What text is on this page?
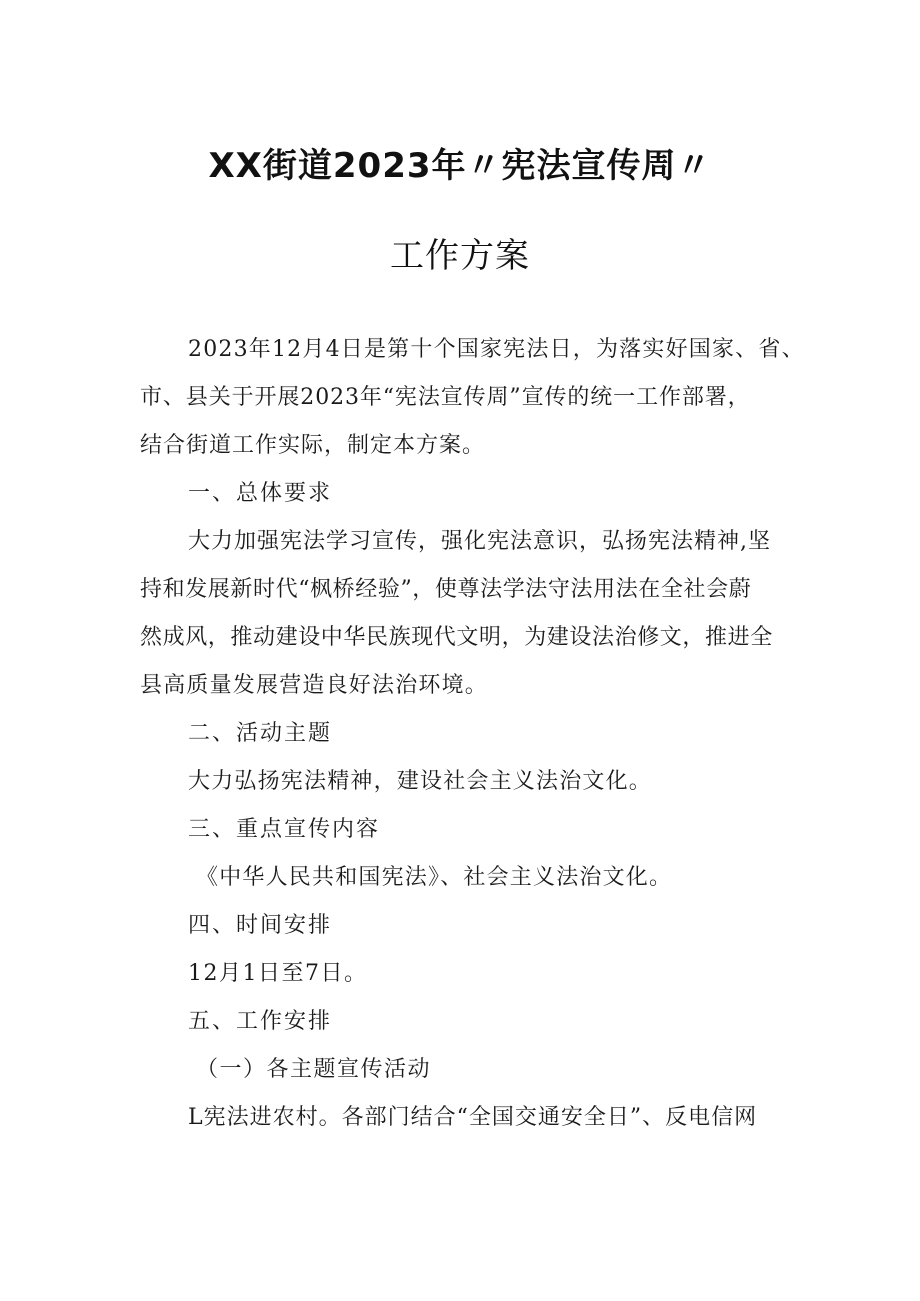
XX街道2023年〃宪法宣传周〃
工作方案
2023年12月4日是第十个国家宪法日，为落实好国家、省、
市、县关于开展2023年“宪法宣传周”宣传的统一工作部署，
结合街道工作实际，制定本方案。
一、总体要求
大力加强宪法学习宣传，强化宪法意识，弘扬宪法精神,坚
持和发展新时代“枫桥经验”，使尊法学法守法用法在全社会蔚
然成风，推动建设中华民族现代文明，为建设法治修文，推进全
县高质量发展营造良好法治环境。
二、活动主题
大力弘扬宪法精神，建设社会主义法治文化。
三、重点宣传内容
《中华人民共和国宪法》、社会主义法治文化。
四、时间安排
12月1日至7日。
五、工作安排
（一）各主题宣传活动
L宪法进农村。各部门结合“全国交通安全日”、反电信网
